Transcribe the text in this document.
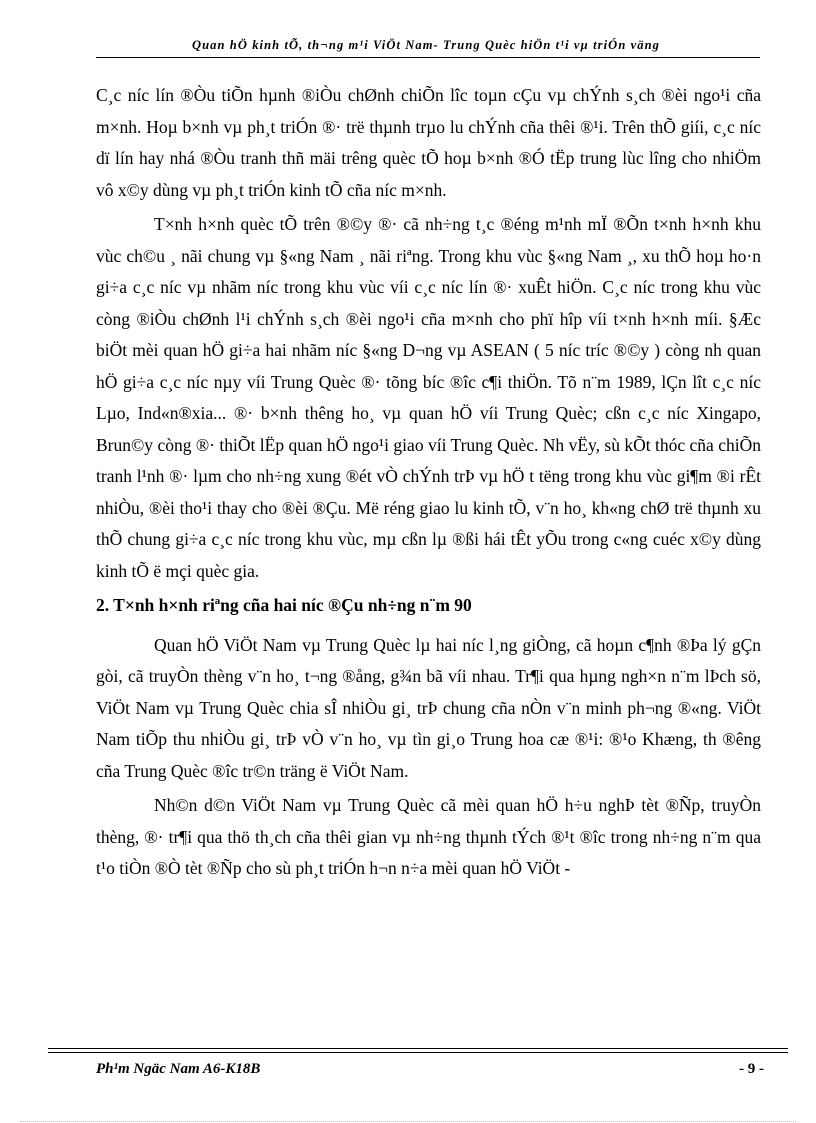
Quan hÖ kinh tÕ, th¬ng m¹i ViÖt Nam- Trung Quèc hiÖn t¹i vµ triÓn väng

C¸c níc lín ®Òu tiÕn hµnh ®iÒu chØnh chiÕn lîc toµn cÇu vµ chÝnh s¸ch ®èi ngo¹i cña m×nh. Hoµ b×nh vµ ph¸t triÓn ®· trë thµnh trµo lu chÝnh cña thêi ®¹i. Trên thÕ giíi, c¸c níc dï lín hay nhá ®Òu tranh thñ mäi trêng quèc tÕ hoµ b×nh ®Ó tËp trung lùc lîng cho nhiÖm vô x©y dùng vµ ph¸t triÓn kinh tÕ cña níc m×nh.

T×nh h×nh quèc tÕ trên ®©y ®· cã nh÷ng t¸c ®éng m¹nh mÏ ®Õn t×nh h×nh khu vùc ch©u ¸ nãi chung vµ §«ng Nam ¸ nãi riªng. Trong khu vùc §«ng Nam ¸, xu thÕ hoµ ho·n gi÷a c¸c níc vµ nhãm níc trong khu vùc víi c¸c níc lín ®· xuÊt hiÖn. C¸c níc trong khu vùc còng ®iÒu chØnh l¹i chÝnh s¸ch ®èi ngo¹i cña m×nh cho phï hîp víi t×nh h×nh míi. §Æc biÖt mèi quan hÖ gi÷a hai nhãm níc §«ng D¬ng vµ ASEAN ( 5 níc tríc ®©y ) còng nh quan hÖ gi÷a c¸c níc nµy víi Trung Quèc ®· tõng bíc ®îc c¶i thiÖn. Tõ n¨m 1989, lÇn lît c¸c níc Lµo, Ind«n®xia... ®· b×nh thêng ho¸ vµ quan hÖ víi Trung Quèc; cßn c¸c níc Xingapo, Brun©y còng ®· thiÕt lËp quan hÖ ngo¹i giao víi Trung Quèc. Nh vËy, sù kÕt thóc cña chiÕn tranh l¹nh ®· lµm cho nh÷ng xung ®ét vÒ chÝnh trÞ vµ hÖ t tëng trong khu vùc gi¶m ®i rÊt nhiÒu, ®èi tho¹i thay cho ®èi ®Çu. Më réng giao lu kinh tÕ, v¨n ho¸ kh«ng chØ trë thµnh xu thÕ chung gi÷a c¸c níc trong khu vùc, mµ cßn lµ ®ßi hái tÊt yÕu trong c«ng cuéc x©y dùng kinh tÕ ë mçi quèc gia.

2. T×nh h×nh riªng cña hai níc ®Çu nh÷ng n¨m 90

Quan hÖ ViÖt Nam vµ Trung Quèc lµ hai níc l¸ng giÒng, cã hoµn c¶nh ®Þa lý gÇn gòi, cã truyÒn thèng v¨n ho¸ t¬ng ®ång, g¾n bã víi nhau. Tr¶i qua hµng ngh×n n¨m lÞch sö, ViÖt Nam vµ Trung Quèc chia sÎ nhiÒu gi¸ trÞ chung cña nÒn v¨n minh ph¬ng ®«ng. ViÖt Nam tiÕp thu nhiÒu gi¸ trÞ vÒ v¨n ho¸ vµ tìn gi¸o Trung hoa cæ ®¹i: ®¹o Khæng, th ®êng cña Trung Quèc ®îc tr©n träng ë ViÖt Nam.

Nh©n d©n ViÖt Nam vµ Trung Quèc cã mèi quan hÖ h÷u nghÞ tèt ®Ñp, truyÒn thèng, ®· tr¶i qua thö th¸ch cña thêi gian vµ nh÷ng thµnh tÝch ®¹t ®îc trong nh÷ng n¨m qua t¹o tiÒn ®Ò tèt ®Ñp cho sù ph¸t triÓn h¬n n÷a mèi quan hÖ ViÖt -

Ph¹m Ngäc Nam A6-K18B	- 9 -
